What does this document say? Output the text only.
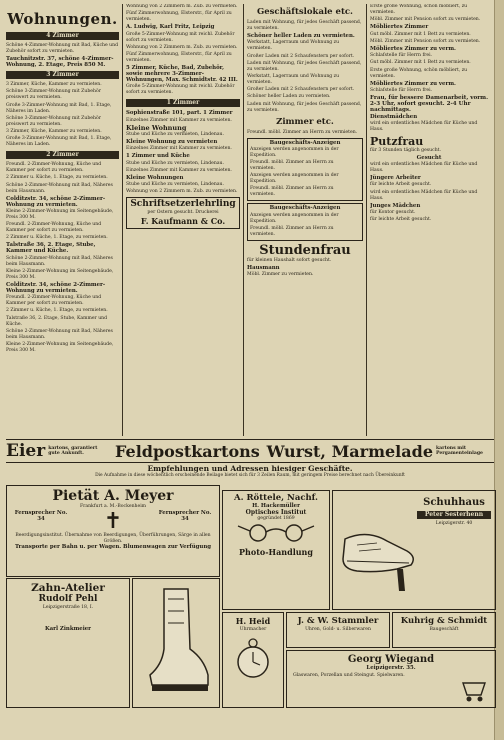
Wohnungen.
4 Zimmer

Schöne 4-Zimmer-Wohnung mit Bad, Küche und Zubehör sofort zu vermieten.

Tauchnitzstr. 37, schöne 4-Zimmer-Wohnung, 2. Etage, Preis 850 M.

3 Zimmer

3 Zimmer, Küche, Kammer zu vermieten.

Schöne 3-Zimmer-Wohnung mit Zubehör preiswert zu vermieten.

Große 3-Zimmer-Wohnung mit Bad, 1. Etage, Näheres im Laden.

Schöne 3-Zimmer-Wohnung mit Zubehör preiswert zu vermieten.

3 Zimmer, Küche, Kammer zu vermieten.

Große 3-Zimmer-Wohnung mit Bad, 1. Etage, Näheres im Laden.

2 Zimmer

Freundl. 2-Zimmer-Wohnung, Küche und Kammer per sofort zu vermieten.

2 Zimmer u. Küche, 1. Etage, zu vermieten.

Schöne 2-Zimmer-Wohnung mit Bad, Näheres beim Hausmann.

Colditzstr. 34, schöne 2-Zimmer-Wohnung zu vermieten.

Kleine 2-Zimmer-Wohnung im Seitengebäude, Preis 300 M.

Freundl. 2-Zimmer-Wohnung, Küche und Kammer per sofort zu vermieten.

2 Zimmer u. Küche, 1. Etage, zu vermieten.

Talstraße 36, 2. Etage, Stube, Kammer und Küche.

Schöne 2-Zimmer-Wohnung mit Bad, Näheres beim Hausmann.

Kleine 2-Zimmer-Wohnung im Seitengebäude, Preis 300 M.

Colditzstr. 34, schöne 2-Zimmer-Wohnung zu vermieten.

Freundl. 2-Zimmer-Wohnung, Küche und Kammer per sofort zu vermieten.

2 Zimmer u. Küche, 1. Etage, zu vermieten.

Talstraße 36, 2. Etage, Stube, Kammer und Küche.

Schöne 2-Zimmer-Wohnung mit Bad, Näheres beim Hausmann.

Kleine 2-Zimmer-Wohnung im Seitengebäude, Preis 300 M.

Wohnung von 2 Zimmern m. Zub. zu vermieten.

Fünf Zimmerwohnung, Elsterstr., für April zu vermieten.

A. Ludwig, Karl Fritz, Leipzig

Große 5-Zimmer-Wohnung mit reichl. Zubehör sofort zu vermieten.

Wohnung von 2 Zimmern m. Zub. zu vermieten.

Fünf Zimmerwohnung, Elsterstr., für April zu vermieten.

5 Zimmer, Küche, Bad, Zubehör, sowie mehrere 3-Zimmer-Wohnungen, Max. Schmidtstr. 42 III.

Große 5-Zimmer-Wohnung mit reichl. Zubehör sofort zu vermieten.

1 Zimmer

Sophienstraße 101, part. 1 Zimmer

Einzelnes Zimmer mit Kammer zu vermieten.

Kleine Wohnung

Stube und Küche zu vermieten, Lindenau.

Kleine Wohnung zu vermieten

Einzelnes Zimmer mit Kammer zu vermieten.

1 Zimmer und Küche

Stube und Küche zu vermieten, Lindenau.

Einzelnes Zimmer mit Kammer zu vermieten.

Kleine Wohnungen

Stube und Küche zu vermieten, Lindenau.

Wohnung von 2 Zimmern m. Zub. zu vermieten.

Schriftsetzerlehrling
per Ostern gesucht. Druckerei
F. Kaufmann & Co.
Geschäftslokale etc.

Laden mit Wohnung, für jedes Geschäft passend, zu vermieten.

Schöner heller Laden zu vermieten.

Werkstatt, Lagerraum und Wohnung zu vermieten.

Großer Laden mit 2 Schaufenstern per sofort.

Laden mit Wohnung, für jedes Geschäft passend, zu vermieten.

Werkstatt, Lagerraum und Wohnung zu vermieten.

Großer Laden mit 2 Schaufenstern per sofort.

Schöner heller Laden zu vermieten.

Laden mit Wohnung, für jedes Geschäft passend, zu vermieten.

Zimmer etc.

Freundl. möbl. Zimmer an Herrn zu vermieten.

Baugeschäfts-Anzeigen

Anzeigen werden angenommen in der Expedition.

Freundl. möbl. Zimmer an Herrn zu vermieten.

Anzeigen werden angenommen in der Expedition.

Freundl. möbl. Zimmer an Herrn zu vermieten.

Baugeschäfts-Anzeigen

Anzeigen werden angenommen in der Expedition.

Freundl. möbl. Zimmer an Herrn zu vermieten.

Stundenfrau

für kleinen Haushalt sofort gesucht.

Hausmann

Möbl. Zimmer zu vermieten.

Erste große Wohnung, schön möbliert, zu vermieten.

Möbl. Zimmer mit Pension sofort zu vermieten.

Möbliertes Zimmer

Gut möbl. Zimmer mit 1 Bett zu vermieten.

Möbl. Zimmer mit Pension sofort zu vermieten.

Möbliertes Zimmer zu verm.

Schlafstelle für Herrn frei.

Gut möbl. Zimmer mit 1 Bett zu vermieten.

Erste große Wohnung, schön möbliert, zu vermieten.

Möbliertes Zimmer zu verm.

Schlafstelle für Herrn frei.

Frau, für bessere Damenarbeit, vorm. 2-3 Uhr, sofort gesucht. 2-4 Uhr nachmittags.

Dienstmädchen

wird ein ordentliches Mädchen für Küche und Haus.

Putzfrau

für 3 Stunden täglich gesucht.

Gesucht

wird ein ordentliches Mädchen für Küche und Haus.

Jüngere Arbeiter

für leichte Arbeit gesucht.

wird ein ordentliches Mädchen für Küche und Haus.

Junges Mädchen

für Kontor gesucht.

für leichte Arbeit gesucht.

Eier kartons, garantiert gute Ankunft.	Feldpostkartons Wurst, Marmelade kartons mit Pergamenteinlage
Empfehlungen und Adressen hiesiger Geschäfte.
Die Aufnahme in diese wöchentlich erscheinende Beilage bietet sich für 3 Zeilen Raum, mit geringem Preise berechnet nach Übereinkunft
Pietät A. Meyer

Frankfurt a. M.-Bockenheim

Fernsprecher No. 34	✝	Fernsprecher No. 34

Beerdigungsinstitut. Übernahme von Beerdigungen, Überführungen, Särge in allen Größen.

Transporte per Bahn u. per Wagen. Blumenwagen zur Verfügung

A. Röttele, Nachf.
H. Hackemüller
Optisches Institut

gegründet 1869

Photo-Handlung
Schuhhaus
Peter Sesterhenn

Leipzigerstr. 40

Zahn-Atelier
Rudolf Pehl

Leipzigerstraße 18, I.

Karl Zinkmeier

H. Heid

Uhrmacher

J. & W. Stammler

Uhren, Gold- u. Silberwaren

Kuhrig & Schmidt

Baugeschäft

Georg Wiegand

Leipzigerstr. 35.

Glaswaren, Porzellan und Steingut. Spielwaren.
